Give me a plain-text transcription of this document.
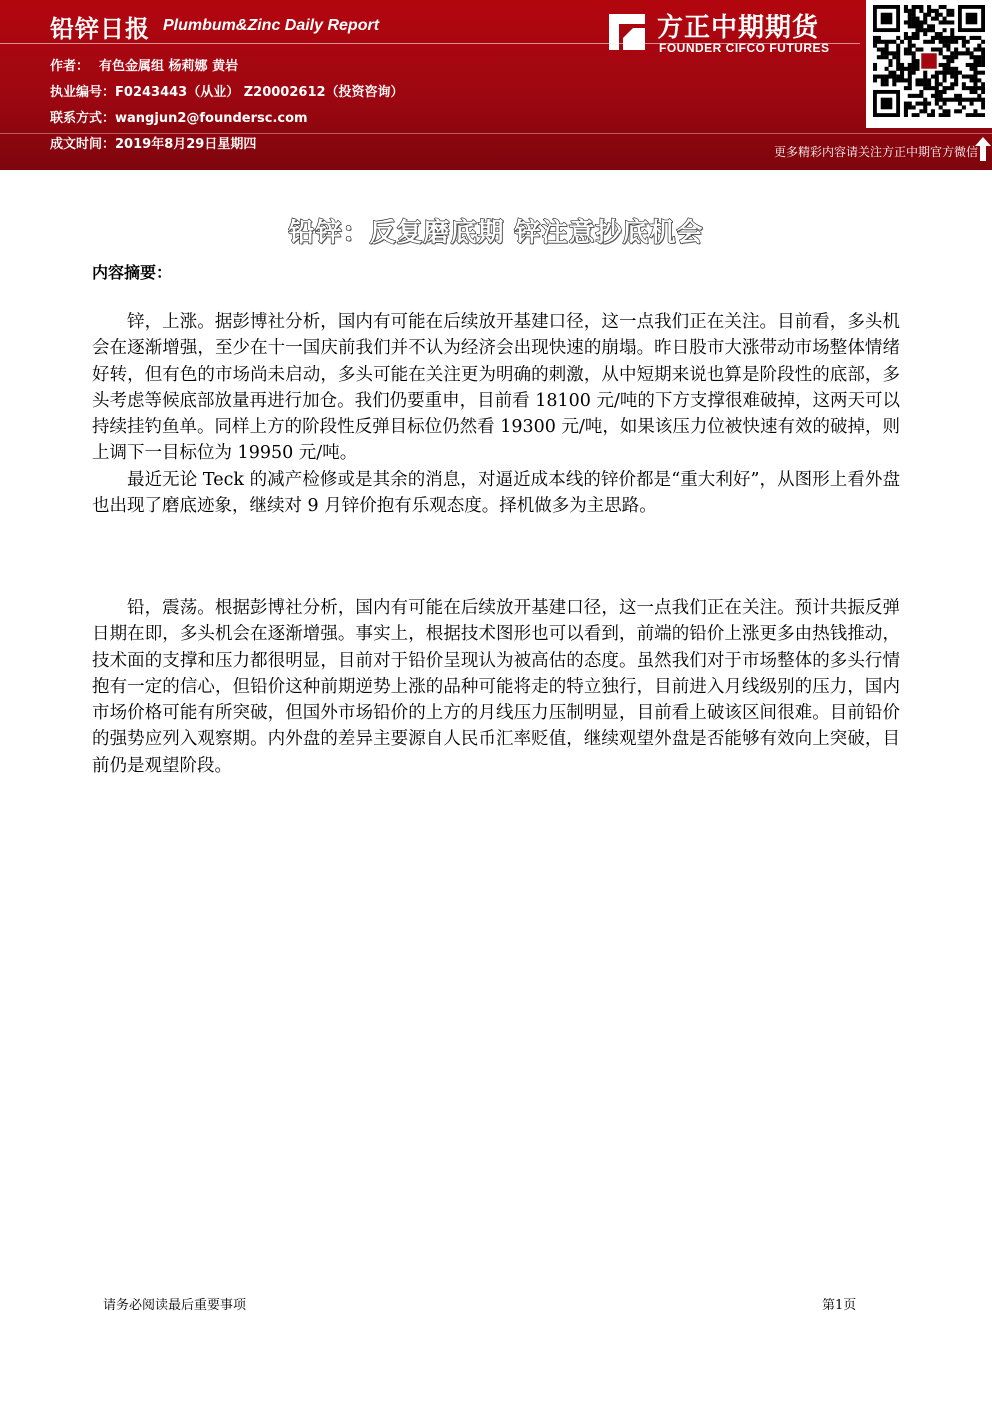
铅锌日报 Plumbum&Zinc Daily Report
作者： 有色金属组 杨莉娜 黄岩
执业编号：F0243443（从业） Z20002612（投资咨询）
联系方式：wangjun2@foundersc.com
成文时间：2019年8月29日星期四
方正中期期货
FOUNDER CIFCO FUTURES
更多精彩内容请关注方正中期官方微信
铅锌：反复磨底期 锌注意抄底机会
内容摘要：

锌，上涨。据彭博社分析，国内有可能在后续放开基建口径，这一点我们正在关注。目前看，多头机会在逐渐增强，至少在十一国庆前我们并不认为经济会出现快速的崩塌。昨日股市大涨带动市场整体情绪好转，但有色的市场尚未启动，多头可能在关注更为明确的刺激，从中短期来说也算是阶段性的底部，多头考虑等候底部放量再进行加仓。我们仍要重申，目前看 18100 元/吨的下方支撑很难破掉，这两天可以持续挂钓鱼单。同样上方的阶段性反弹目标位仍然看 19300 元/吨，如果该压力位被快速有效的破掉，则上调下一目标位为 19950 元/吨。

最近无论 Teck 的减产检修或是其余的消息，对逼近成本线的锌价都是“重大利好”，从图形上看外盘也出现了磨底迹象，继续对 9 月锌价抱有乐观态度。择机做多为主思路。

铅，震荡。根据彭博社分析，国内有可能在后续放开基建口径，这一点我们正在关注。预计共振反弹日期在即，多头机会在逐渐增强。事实上，根据技术图形也可以看到，前端的铅价上涨更多由热钱推动，技术面的支撑和压力都很明显，目前对于铅价呈现认为被高估的态度。虽然我们对于市场整体的多头行情抱有一定的信心，但铅价这种前期逆势上涨的品种可能将走的特立独行，目前进入月线级别的压力，国内市场价格可能有所突破，但国外市场铅价的上方的月线压力压制明显，目前看上破该区间很难。目前铅价的强势应列入观察期。内外盘的差异主要源自人民币汇率贬值，继续观望外盘是否能够有效向上突破，目前仍是观望阶段。

请务必阅读最后重要事项	第1页
